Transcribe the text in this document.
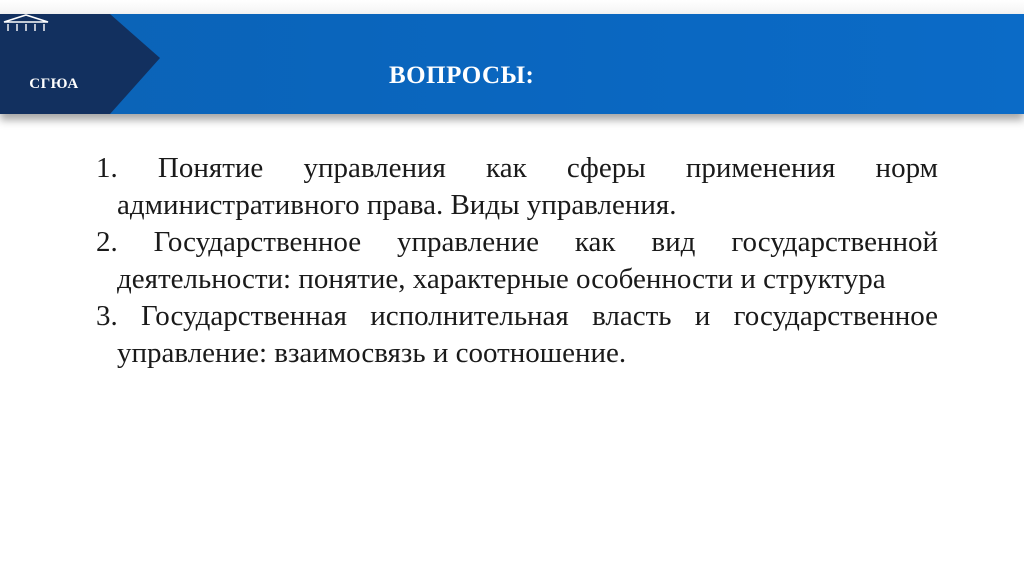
СГЮА	ВОПРОСЫ:
1. Понятие управления как сферы применения норм административного права. Виды управления.
2. Государственное управление как вид государственной деятельности: понятие, характерные особенности и структура
3. Государственная исполнительная власть и государственное управление: взаимосвязь и соотношение.
